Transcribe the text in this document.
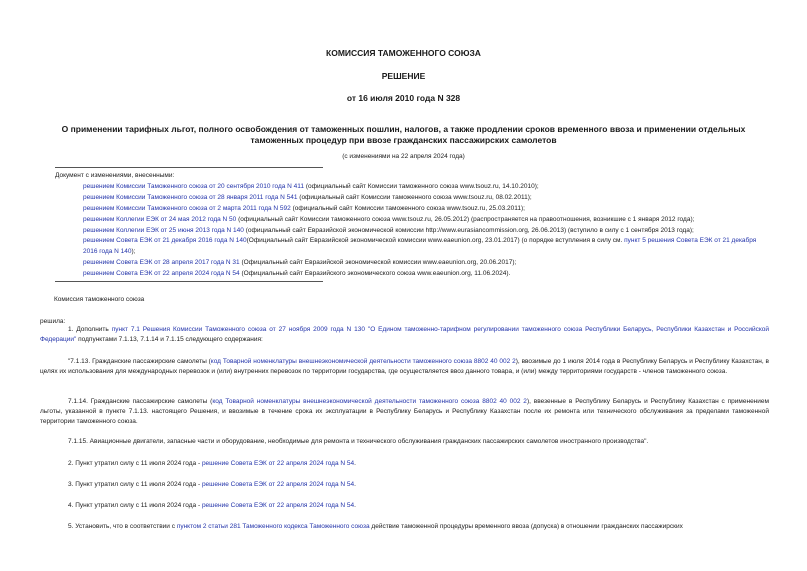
КОМИССИЯ ТАМОЖЕННОГО СОЮЗА
РЕШЕНИЕ
от 16 июля 2010 года N 328
О применении тарифных льгот, полного освобождения от таможенных пошлин, налогов, а также продлении сроков временного ввоза и применении отдельных таможенных процедур при ввозе гражданских пассажирских самолетов
(с изменениями на 22 апреля 2024 года)
Документ с изменениями, внесенными:
решением Комиссии Таможенного союза от 20 сентября 2010 года N 411 (официальный сайт Комиссии таможенного союза www.tsouz.ru, 14.10.2010);
решением Комиссии Таможенного союза от 28 января 2011 года N 541 (официальный сайт Комиссии таможенного союза www.tsouz.ru, 08.02.2011);
решением Комиссии Таможенного союза от 2 марта 2011 года N 592 (официальный сайт Комиссии таможенного союза www.tsouz.ru, 25.03.2011);
решением Коллегии ЕЭК от 24 мая 2012 года N 50 (официальный сайт Комиссии таможенного союза www.tsouz.ru, 26.05.2012) (распространяется на правоотношения, возникшие с 1 января 2012 года);
решением Коллегии ЕЭК от 25 июня 2013 года N 140 (официальный сайт Евразийской экономической комиссии http://www.eurasiancommission.org, 26.06.2013) (вступило в силу с 1 сентября 2013 года);
решением Совета ЕЭК от 21 декабря 2016 года N 140(Официальный сайт Евразийской экономической комиссии www.eaeunion.org, 23.01.2017) (о порядке вступления в силу см. пункт 5 решения Совета ЕЭК от 21 декабря 2016 года N 140);
решением Совета ЕЭК от 28 апреля 2017 года N 31 (Официальный сайт Евразийской экономической комиссии www.eaeunion.org, 20.06.2017);
решением Совета ЕЭК от 22 апреля 2024 года N 54 (Официальный сайт Евразийского экономического союза www.eaeunion.org, 11.06.2024).
Комиссия таможенного союза
решила:
1. Дополнить пункт 7.1 Решения Комиссии Таможенного союза от 27 ноября 2009 года N 130 "О Едином таможенно-тарифном регулировании таможенного союза Республики Беларусь, Республики Казахстан и Российской Федерации" подпунктами 7.1.13, 7.1.14 и 7.1.15 следующего содержания:
"7.1.13. Гражданские пассажирские самолеты (код Товарной номенклатуры внешнеэкономической деятельности таможенного союза 8802 40 002 2), ввозимые до 1 июля 2014 года в Республику Беларусь и Республику Казахстан, в целях их использования для международных перевозок и (или) внутренних перевозок по территории государства, где осуществляется ввоз данного товара, и (или) между территориями государств - членов таможенного союза.
7.1.14. Гражданские пассажирские самолеты (код Товарной номенклатуры внешнеэкономической деятельности таможенного союза 8802 40 002 2), ввезенные в Республику Беларусь и Республику Казахстан с применением льготы, указанной в пункте 7.1.13. настоящего Решения, и ввозимые в течение срока их эксплуатации в Республику Беларусь и Республику Казахстан после их ремонта или технического обслуживания за пределами таможенной территории таможенного союза.
7.1.15. Авиационные двигатели, запасные части и оборудование, необходимые для ремонта и технического обслуживания гражданских пассажирских самолетов иностранного производства".
2. Пункт утратил силу с 11 июля 2024 года - решение Совета ЕЭК от 22 апреля 2024 года N 54.
3. Пункт утратил силу с 11 июля 2024 года - решение Совета ЕЭК от 22 апреля 2024 года N 54.
4. Пункт утратил силу с 11 июля 2024 года - решение Совета ЕЭК от 22 апреля 2024 года N 54.
5. Установить, что в соответствии с пунктом 2 статьи 281 Таможенного кодекса Таможенного союза действие таможенной процедуры временного ввоза (допуска) в отношении гражданских пассажирских
